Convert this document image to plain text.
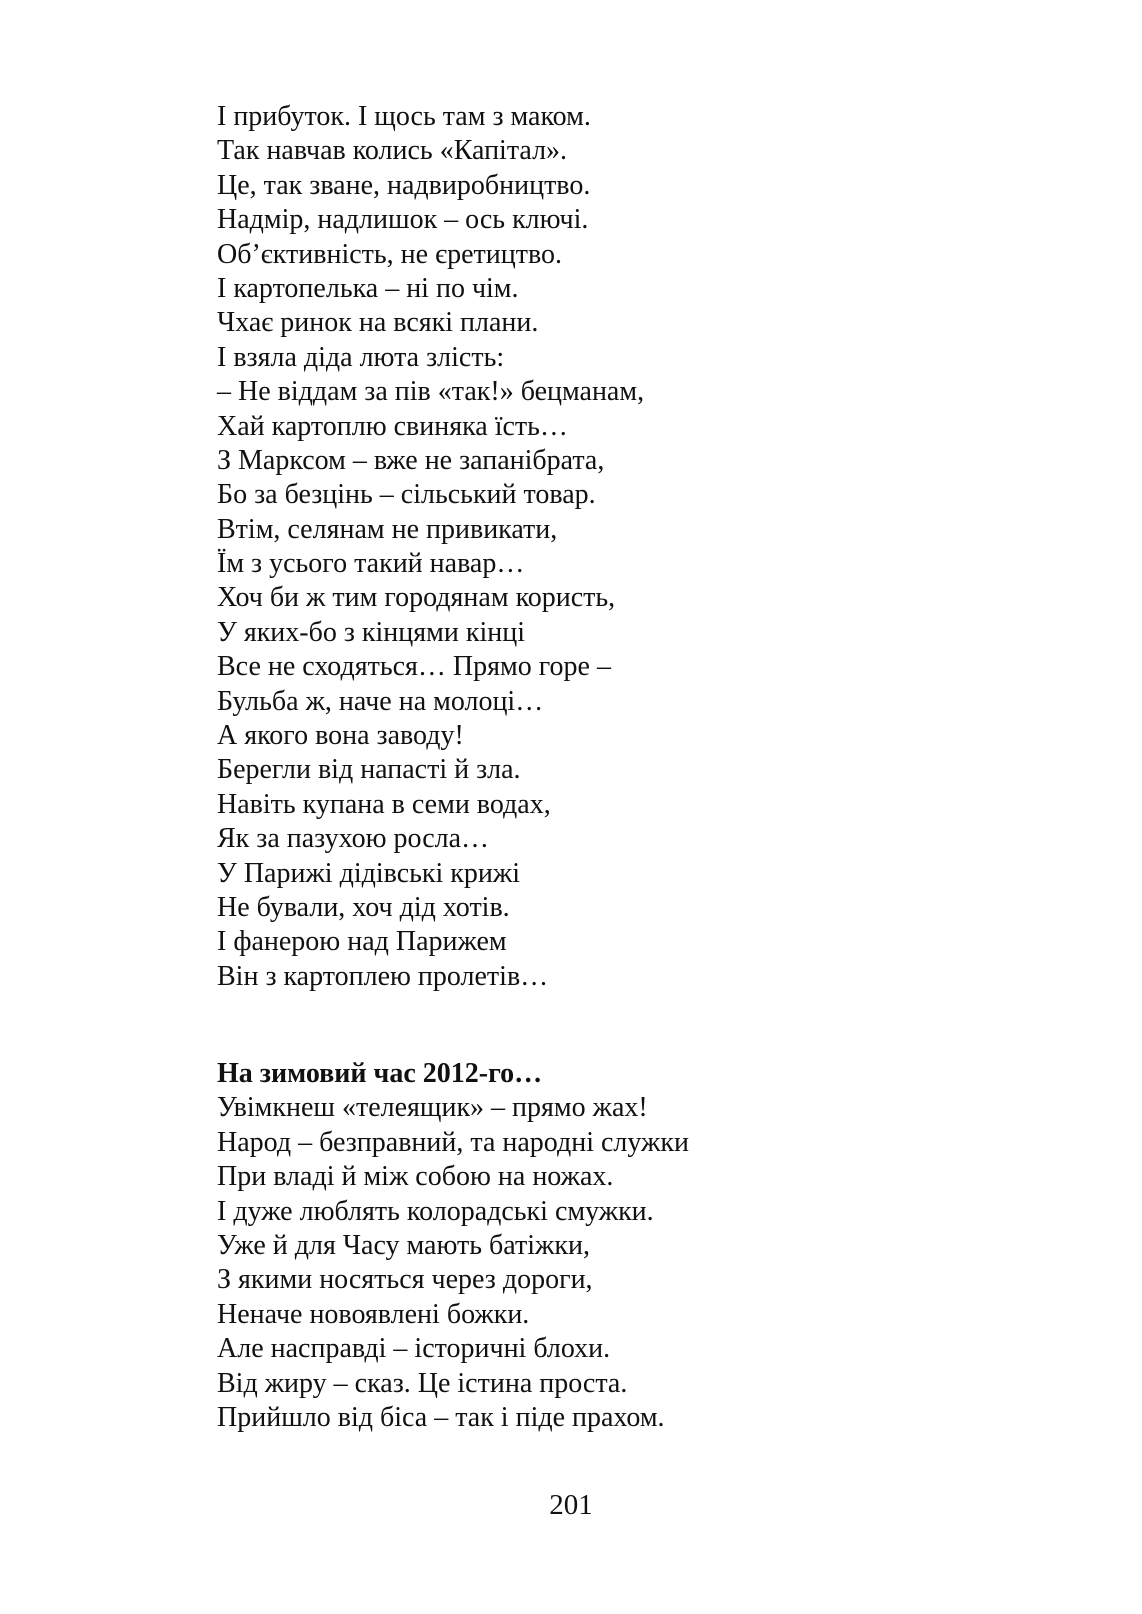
І прибуток. І щось там з маком.
Так навчав колись «Капітал».
Це, так зване, надвиробництво.
Надмір, надлишок – ось ключі.
Об’єктивність, не єретицтво.
І картопелька – ні по чім.
Чхає ринок на всякі плани.
І взяла діда люта злість:
– Не віддам за пів «так!» бецманам,
Хай картоплю свиняка їсть…
З Марксом – вже не запанібрата,
Бо за безцінь – сільський товар.
Втім, селянам не привикати,
Їм з усього такий навар…
Хоч би ж тим городянам користь,
У яких-бо з кінцями кінці
Все не сходяться… Прямо горе –
Бульба ж, наче на молоці…
А якого вона заводу!
Берегли від напасті й зла.
Навіть купана в семи водах,
Як за пазухою росла…
У Парижі дідівські крижі
Не бували, хоч дід хотів.
І фанерою над Парижем
Він з картоплею пролетів…
На зимовий час 2012-го…
Увімкнеш «телеящик» – прямо жах!
Народ – безправний, та народні служки
При владі й між собою на ножах.
І дуже люблять колорадські смужки.
Уже й для Часу мають батіжки,
З якими носяться через дороги,
Неначе новоявлені божки.
Але насправді – історичні блохи.
Від жиру – сказ. Це істина проста.
Прийшло від біса – так і піде прахом.
201
